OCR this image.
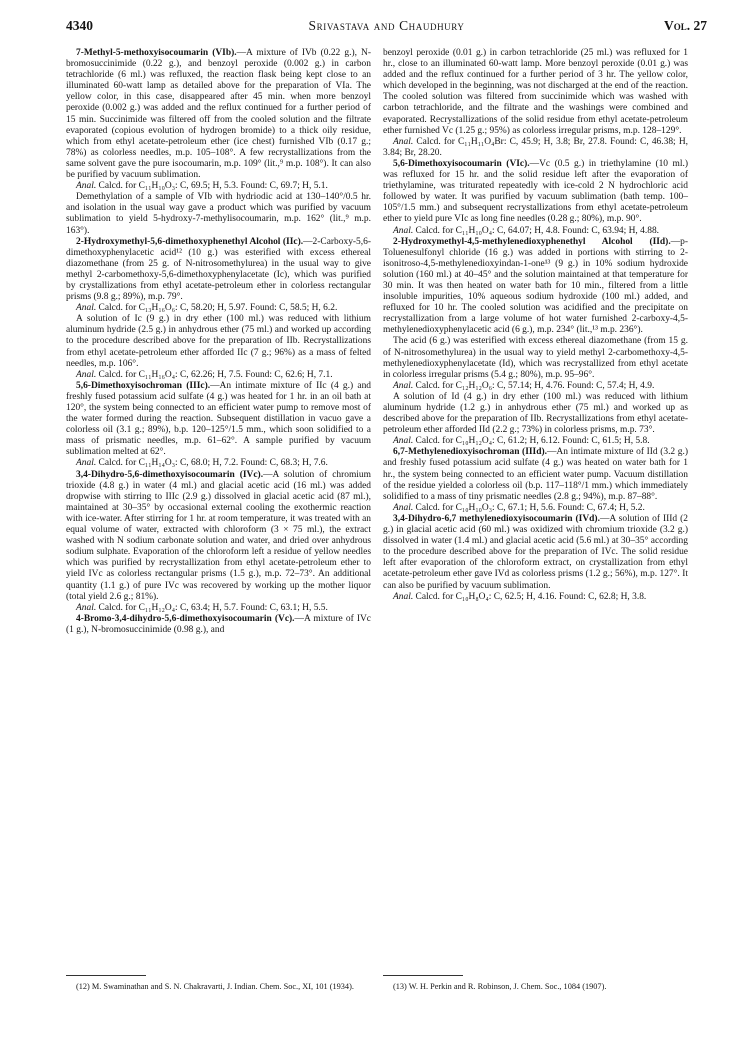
4340	Srivastava and Chaudhury	Vol. 27

7-Methyl-5-methoxyisocoumarin (VIb).—A mixture of IVb (0.22 g.), N-bromosuccinimide (0.22 g.), and benzoyl peroxide (0.002 g.) in carbon tetrachloride (6 ml.) was refluxed, the reaction flask being kept close to an illuminated 60-watt lamp as detailed above for the preparation of VIa. The yellow color, in this case, disappeared after 45 min. when more benzoyl peroxide (0.002 g.) was added and the reflux continued for a further period of 15 min. Succinimide was filtered off from the cooled solution and the filtrate evaporated (copious evolution of hydrogen bromide) to a thick oily residue, which from ethyl acetate-petroleum ether (ice chest) furnished VIb (0.17 g.; 78%) as colorless needles, m.p. 105–108°. A few recrystallizations from the same solvent gave the pure isocoumarin, m.p. 109° (lit.,⁹ m.p. 108°). It can also be purified by vacuum sublimation.

Anal. Calcd. for C₁₁H₁₀O₃: C, 69.5; H, 5.3. Found: C, 69.7; H, 5.1.

Demethylation of a sample of VIb with hydriodic acid at 130–140°/0.5 hr. and isolation in the usual way gave a product which was purified by vacuum sublimation to yield 5-hydroxy-7-methylisocoumarin, m.p. 162° (lit.,⁹ m.p. 163°).

2-Hydroxymethyl-5,6-dimethoxyphenethyl Alcohol (IIc).—2-Carboxy-5,6-dimethoxyphenylacetic acid¹² (10 g.) was esterified with excess ethereal diazomethane (from 25 g. of N-nitrosomethylurea) in the usual way to give methyl 2-carbomethoxy-5,6-dimethoxyphenylacetate (Ic), which was purified by crystallizations from ethyl acetate-petroleum ether in colorless rectangular prisms (9.8 g.; 89%), m.p. 79°.

Anal. Calcd. for C₁₃H₁₆O₆: C, 58.20; H, 5.97. Found: C, 58.5; H, 6.2.

A solution of Ic (9 g.) in dry ether (100 ml.) was reduced with lithium aluminum hydride (2.5 g.) in anhydrous ether (75 ml.) and worked up according to the procedure described above for the preparation of IIb. Recrystallizations from ethyl acetate-petroleum ether afforded IIc (7 g.; 96%) as a mass of felted needles, m.p. 106°.

Anal. Calcd. for C₁₁H₁₆O₄: C, 62.26; H, 7.5. Found: C, 62.6; H, 7.1.

5,6-Dimethoxyisochroman (IIIc).—An intimate mixture of IIc (4 g.) and freshly fused potassium acid sulfate (4 g.) was heated for 1 hr. in an oil bath at 120°, the system being connected to an efficient water pump to remove most of the water formed during the reaction. Subsequent distillation in vacuo gave a colorless oil (3.1 g.; 89%), b.p. 120–125°/1.5 mm., which soon solidified to a mass of prismatic needles, m.p. 61–62°. A sample purified by vacuum sublimation melted at 62°.

Anal. Calcd. for C₁₁H₁₄O₃: C, 68.0; H, 7.2. Found: C, 68.3; H, 7.6.

3,4-Dihydro-5,6-dimethoxyisocoumarin (IVc).—A solution of chromium trioxide (4.8 g.) in water (4 ml.) and glacial acetic acid (16 ml.) was added dropwise with stirring to IIIc (2.9 g.) dissolved in glacial acetic acid (87 ml.), maintained at 30–35° by occasional external cooling the exothermic reaction with ice-water. After stirring for 1 hr. at room temperature, it was treated with an equal volume of water, extracted with chloroform (3 × 75 ml.), the extract washed with N sodium carbonate solution and water, and dried over anhydrous sodium sulphate. Evaporation of the chloroform left a residue of yellow needles which was purified by recrystallization from ethyl acetate-petroleum ether to yield IVc as colorless rectangular prisms (1.5 g.), m.p. 72–73°. An additional quantity (1.1 g.) of pure IVc was recovered by working up the mother liquor (total yield 2.6 g.; 81%).

Anal. Calcd. for C₁₁H₁₂O₄: C, 63.4; H, 5.7. Found: C, 63.1; H, 5.5.

4-Bromo-3,4-dihydro-5,6-dimethoxyisocoumarin (Vc).—A mixture of IVc (1 g.), N-bromosuccinimide (0.98 g.), and

benzoyl peroxide (0.01 g.) in carbon tetrachloride (25 ml.) was refluxed for 1 hr., close to an illuminated 60-watt lamp. More benzoyl peroxide (0.01 g.) was added and the reflux continued for a further period of 3 hr. The yellow color, which developed in the beginning, was not discharged at the end of the reaction. The cooled solution was filtered from succinimide which was washed with carbon tetrachloride, and the filtrate and the washings were combined and evaporated. Recrystallizations of the solid residue from ethyl acetate-petroleum ether furnished Vc (1.25 g.; 95%) as colorless irregular prisms, m.p. 128–129°.

Anal. Calcd. for C₁₁H₁₁O₄Br: C, 45.9; H, 3.8; Br, 27.8. Found: C, 46.38; H, 3.84; Br, 28.20.

5,6-Dimethoxyisocoumarin (VIc).—Vc (0.5 g.) in triethylamine (10 ml.) was refluxed for 15 hr. and the solid residue left after the evaporation of triethylamine, was triturated repeatedly with ice-cold 2 N hydrochloric acid followed by water. It was purified by vacuum sublimation (bath temp. 100–105°/1.5 mm.) and subsequent recrystallizations from ethyl acetate-petroleum ether to yield pure VIc as long fine needles (0.28 g.; 80%), m.p. 90°.

Anal. Calcd. for C₁₁H₁₀O₄: C, 64.07; H, 4.8. Found: C, 63.94; H, 4.88.

2-Hydroxymethyl-4,5-methylenedioxyphenethyl Alcohol (IId).—p-Toluenesulfonyl chloride (16 g.) was added in portions with stirring to 2-isonitroso-4,5-methylenedioxyindan-1-one¹³ (9 g.) in 10% sodium hydroxide solution (160 ml.) at 40–45° and the solution maintained at that temperature for 30 min. It was then heated on water bath for 10 min., filtered from a little insoluble impurities, 10% aqueous sodium hydroxide (100 ml.) added, and refluxed for 10 hr. The cooled solution was acidified and the precipitate on recrystallization from a large volume of hot water furnished 2-carboxy-4,5-methylenedioxyphenylacetic acid (6 g.), m.p. 234° (lit.,¹³ m.p. 236°).

The acid (6 g.) was esterified with excess ethereal diazomethane (from 15 g. of N-nitrosomethylurea) in the usual way to yield methyl 2-carbomethoxy-4,5-methylenedioxyphenylacetate (Id), which was recrystallized from ethyl acetate in colorless irregular prisms (5.4 g.; 80%), m.p. 95–96°.

Anal. Calcd. for C₁₂H₁₂O₆: C, 57.14; H, 4.76. Found: C, 57.4; H, 4.9.

A solution of Id (4 g.) in dry ether (100 ml.) was reduced with lithium aluminum hydride (1.2 g.) in anhydrous ether (75 ml.) and worked up as described above for the preparation of IIb. Recrystallizations from ethyl acetate-petroleum ether afforded IId (2.2 g.; 73%) in colorless prisms, m.p. 73°.

Anal. Calcd. for C₁₀H₁₂O₄: C, 61.2; H, 6.12. Found: C, 61.5; H, 5.8.

6,7-Methylenedioxyisochroman (IIId).—An intimate mixture of IId (3.2 g.) and freshly fused potassium acid sulfate (4 g.) was heated on water bath for 1 hr., the system being connected to an efficient water pump. Vacuum distillation of the residue yielded a colorless oil (b.p. 117–118°/1 mm.) which immediately solidified to a mass of tiny prismatic needles (2.8 g.; 94%), m.p. 87–88°.

Anal. Calcd. for C₁₀H₁₀O₃: C, 67.1; H, 5.6. Found: C, 67.4; H, 5.2.

3,4-Dihydro-6,7 methylenedioxyisocoumarin (IVd).—A solution of IIId (2 g.) in glacial acetic acid (60 ml.) was oxidized with chromium trioxide (3.2 g.) dissolved in water (1.4 ml.) and glacial acetic acid (5.6 ml.) at 30–35° according to the procedure described above for the preparation of IVc. The solid residue left after evaporation of the chloroform extract, on crystallization from ethyl acetate-petroleum ether gave IVd as colorless prisms (1.2 g.; 56%), m.p. 127°. It can also be purified by vacuum sublimation.

Anal. Calcd. for C₁₀H₈O₄: C, 62.5; H, 4.16. Found: C, 62.8; H, 3.8.

(12) M. Swaminathan and S. N. Chakravarti, J. Indian. Chem. Soc., XI, 101 (1934).	(13) W. H. Perkin and R. Robinson, J. Chem. Soc., 1084 (1907).
